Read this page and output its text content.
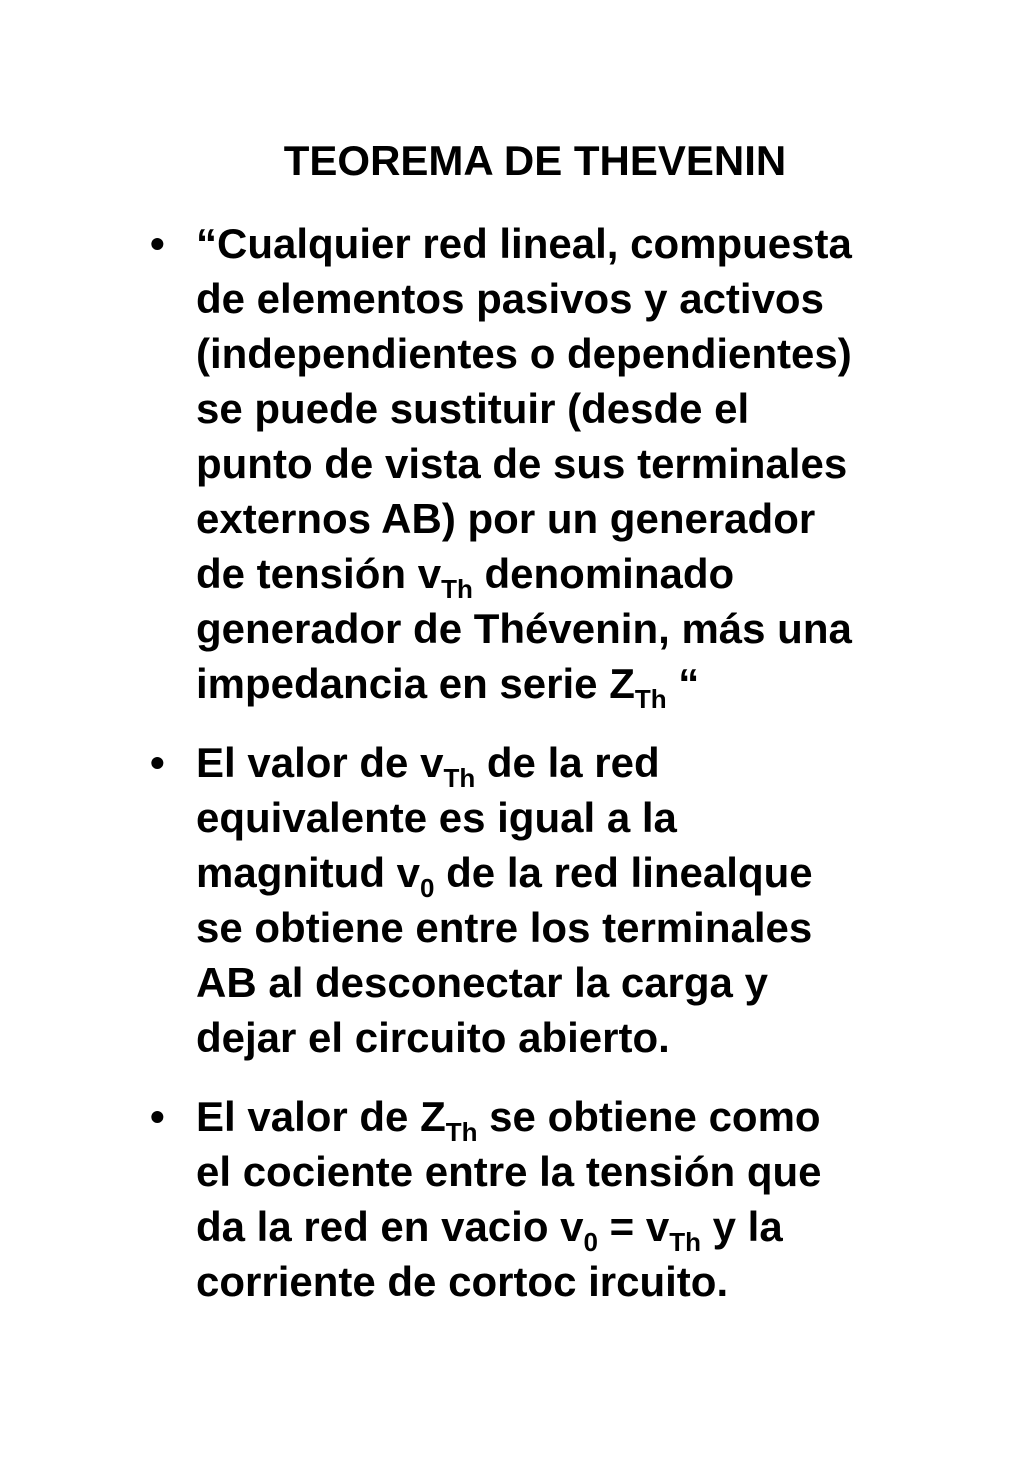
TEOREMA DE THEVENIN
• “Cualquier red lineal, compuesta
de elementos pasivos y activos
(independientes o dependientes)
se puede sustituir (desde el
punto de vista de sus terminales
externos AB) por un generador
de tensión $v_{Th}$ denominado
generador de Thévenin, más una
impedancia en serie $Z_{Th}$ “
• El valor de $v_{Th}$ de la red
equivalente es igual a la
magnitud $v_0$ de la red linealque
se obtiene entre los terminales
AB al desconectar la carga y
dejar el circuito abierto.
• El valor de $Z_{Th}$ se obtiene como
el cociente entre la tensión que
da la red en vacio $v_0 = v_{Th}$ y la
corriente de cortoc ircuito.
